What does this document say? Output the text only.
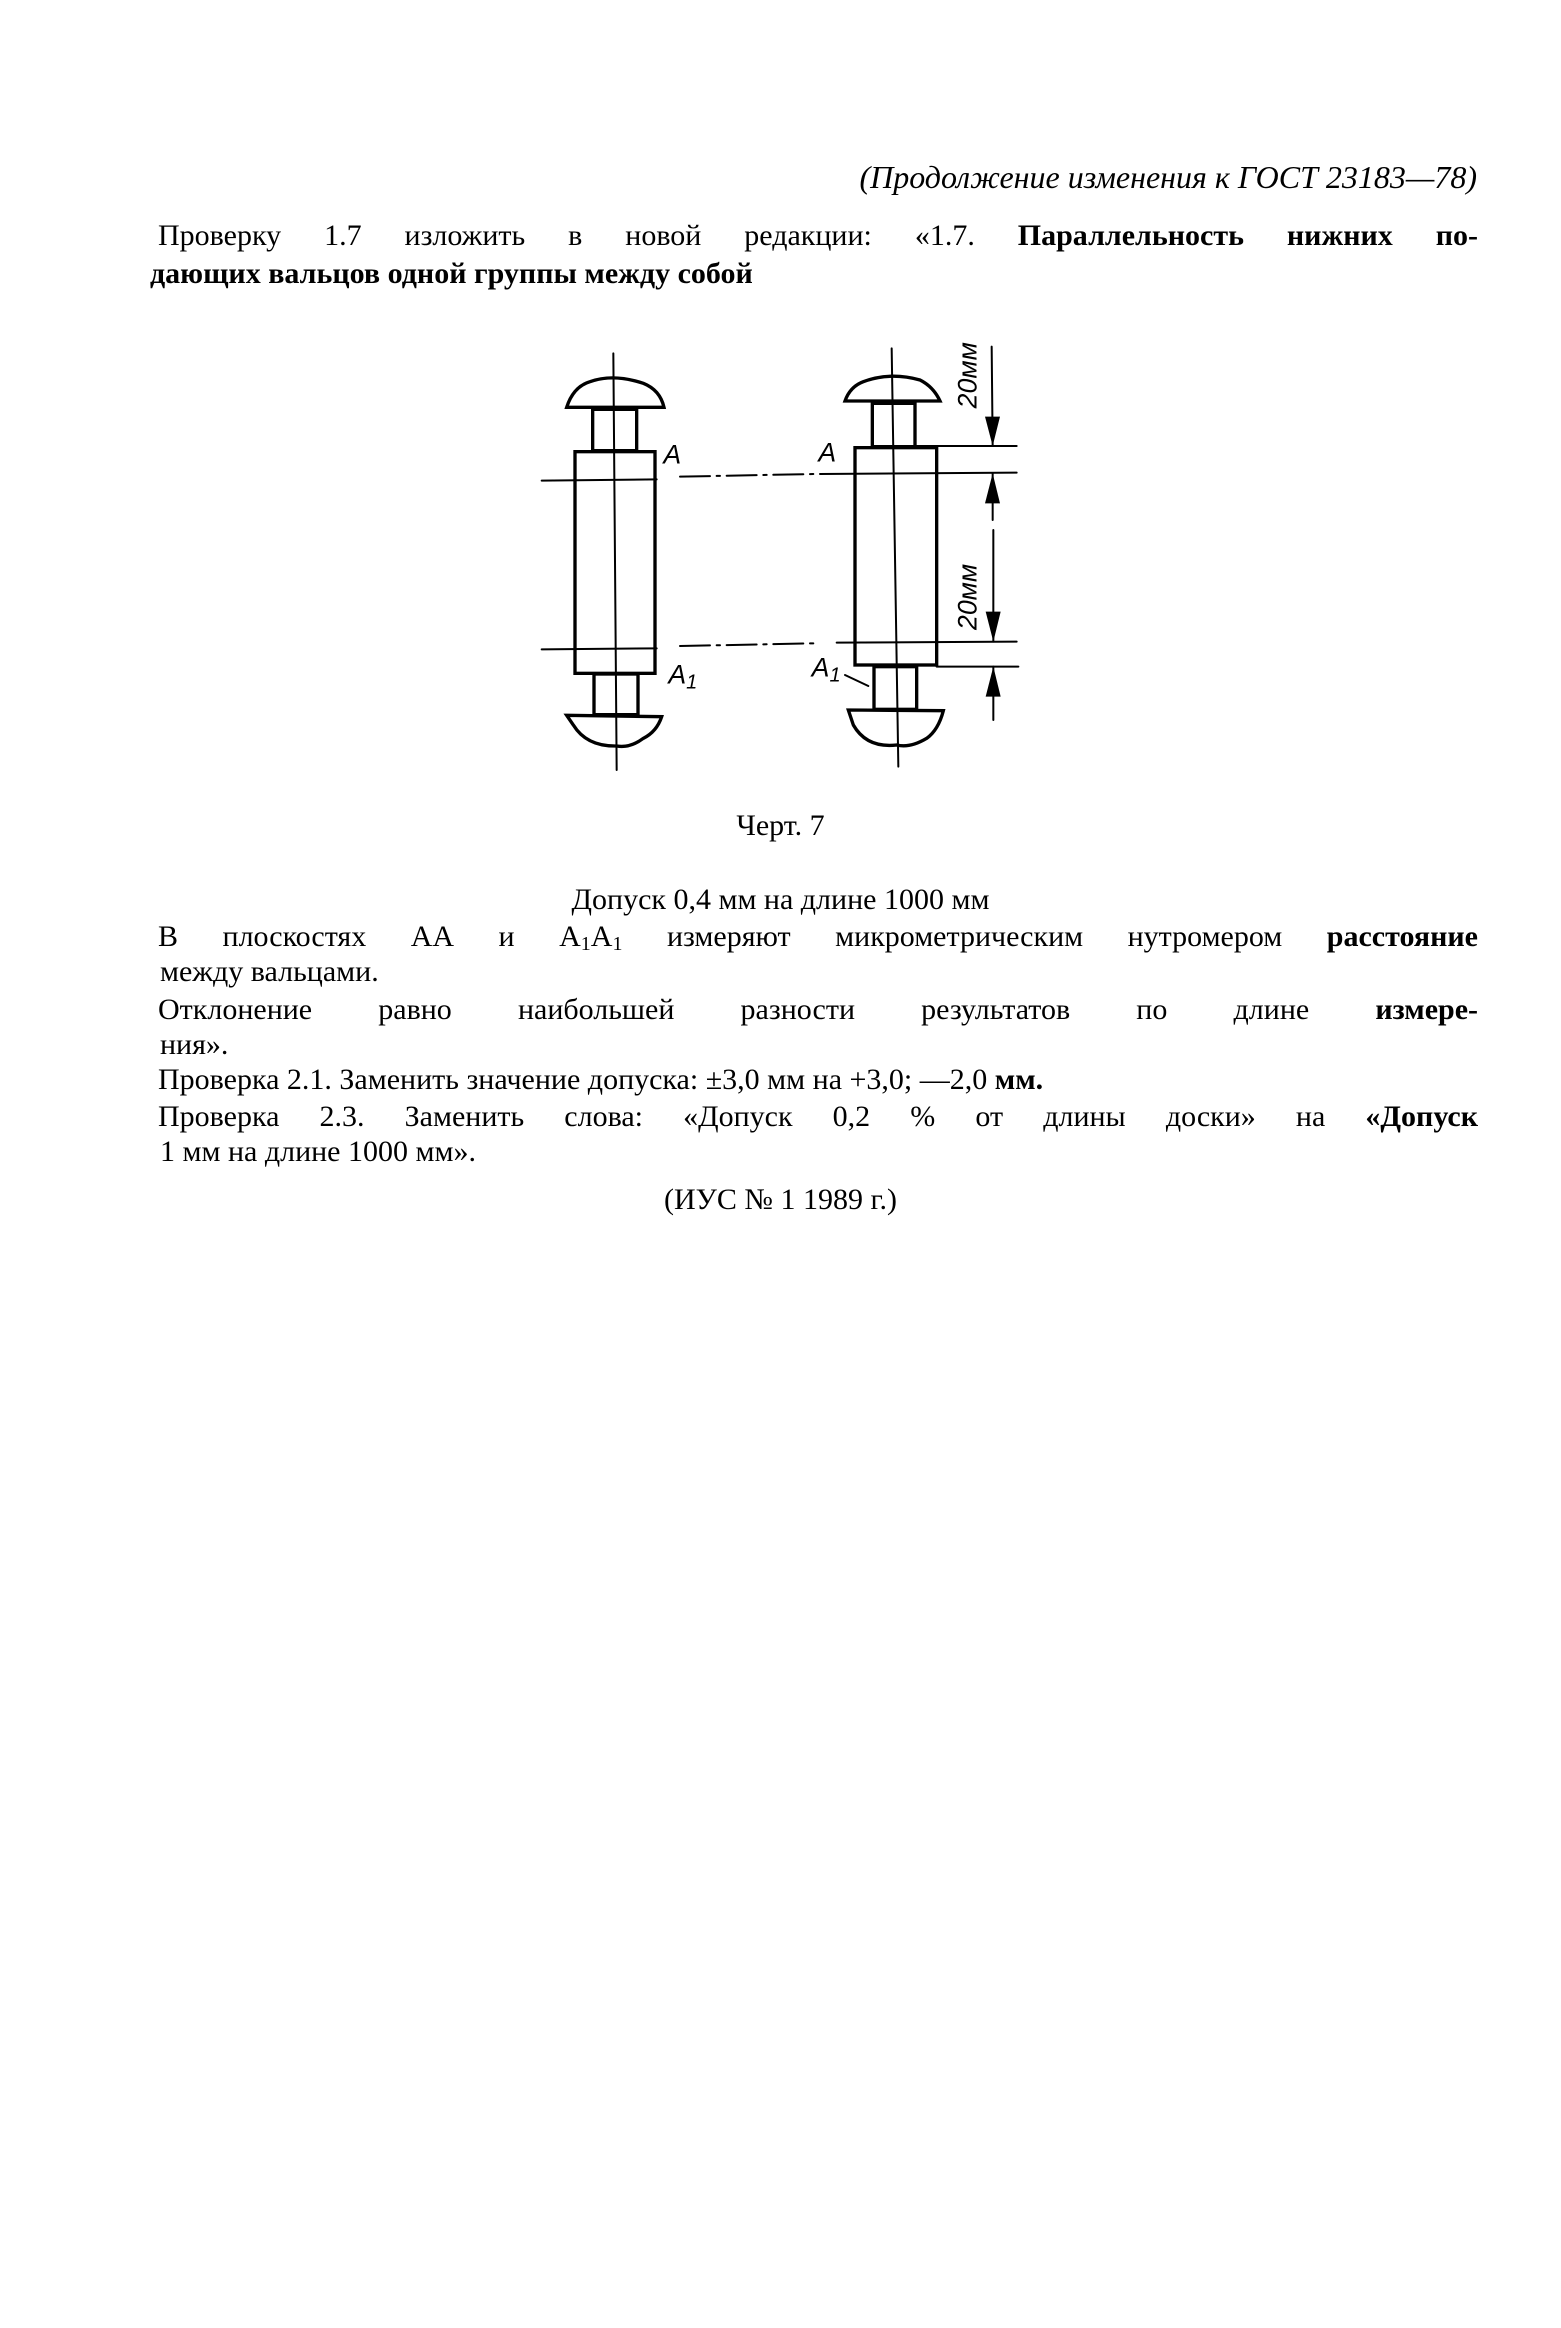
(Продолжение изменения к ГОСТ 23183—78)
Проверку 1.7 изложить в новой редакции: «1.7. Параллельность нижних по-
дающих вальцов одной группы между собой
A A
A1 A1
20мм
20мм
Черт. 7
Допуск 0,4 мм на длине 1000 мм
В плоскостях АА и $А_1А_1$ измеряют микрометрическим нутромером расстояние
между вальцами.
Отклонение равно наибольшей разности результатов по длине измере-
ния».
Проверка 2.1. Заменить значение допуска: ±3,0 мм на +3,0; —2,0 мм.
Проверка 2.3. Заменить слова: «Допуск 0,2 % от длины доски» на «Допуск
1 мм на длине 1000 мм».
(ИУС № 1 1989 г.)
